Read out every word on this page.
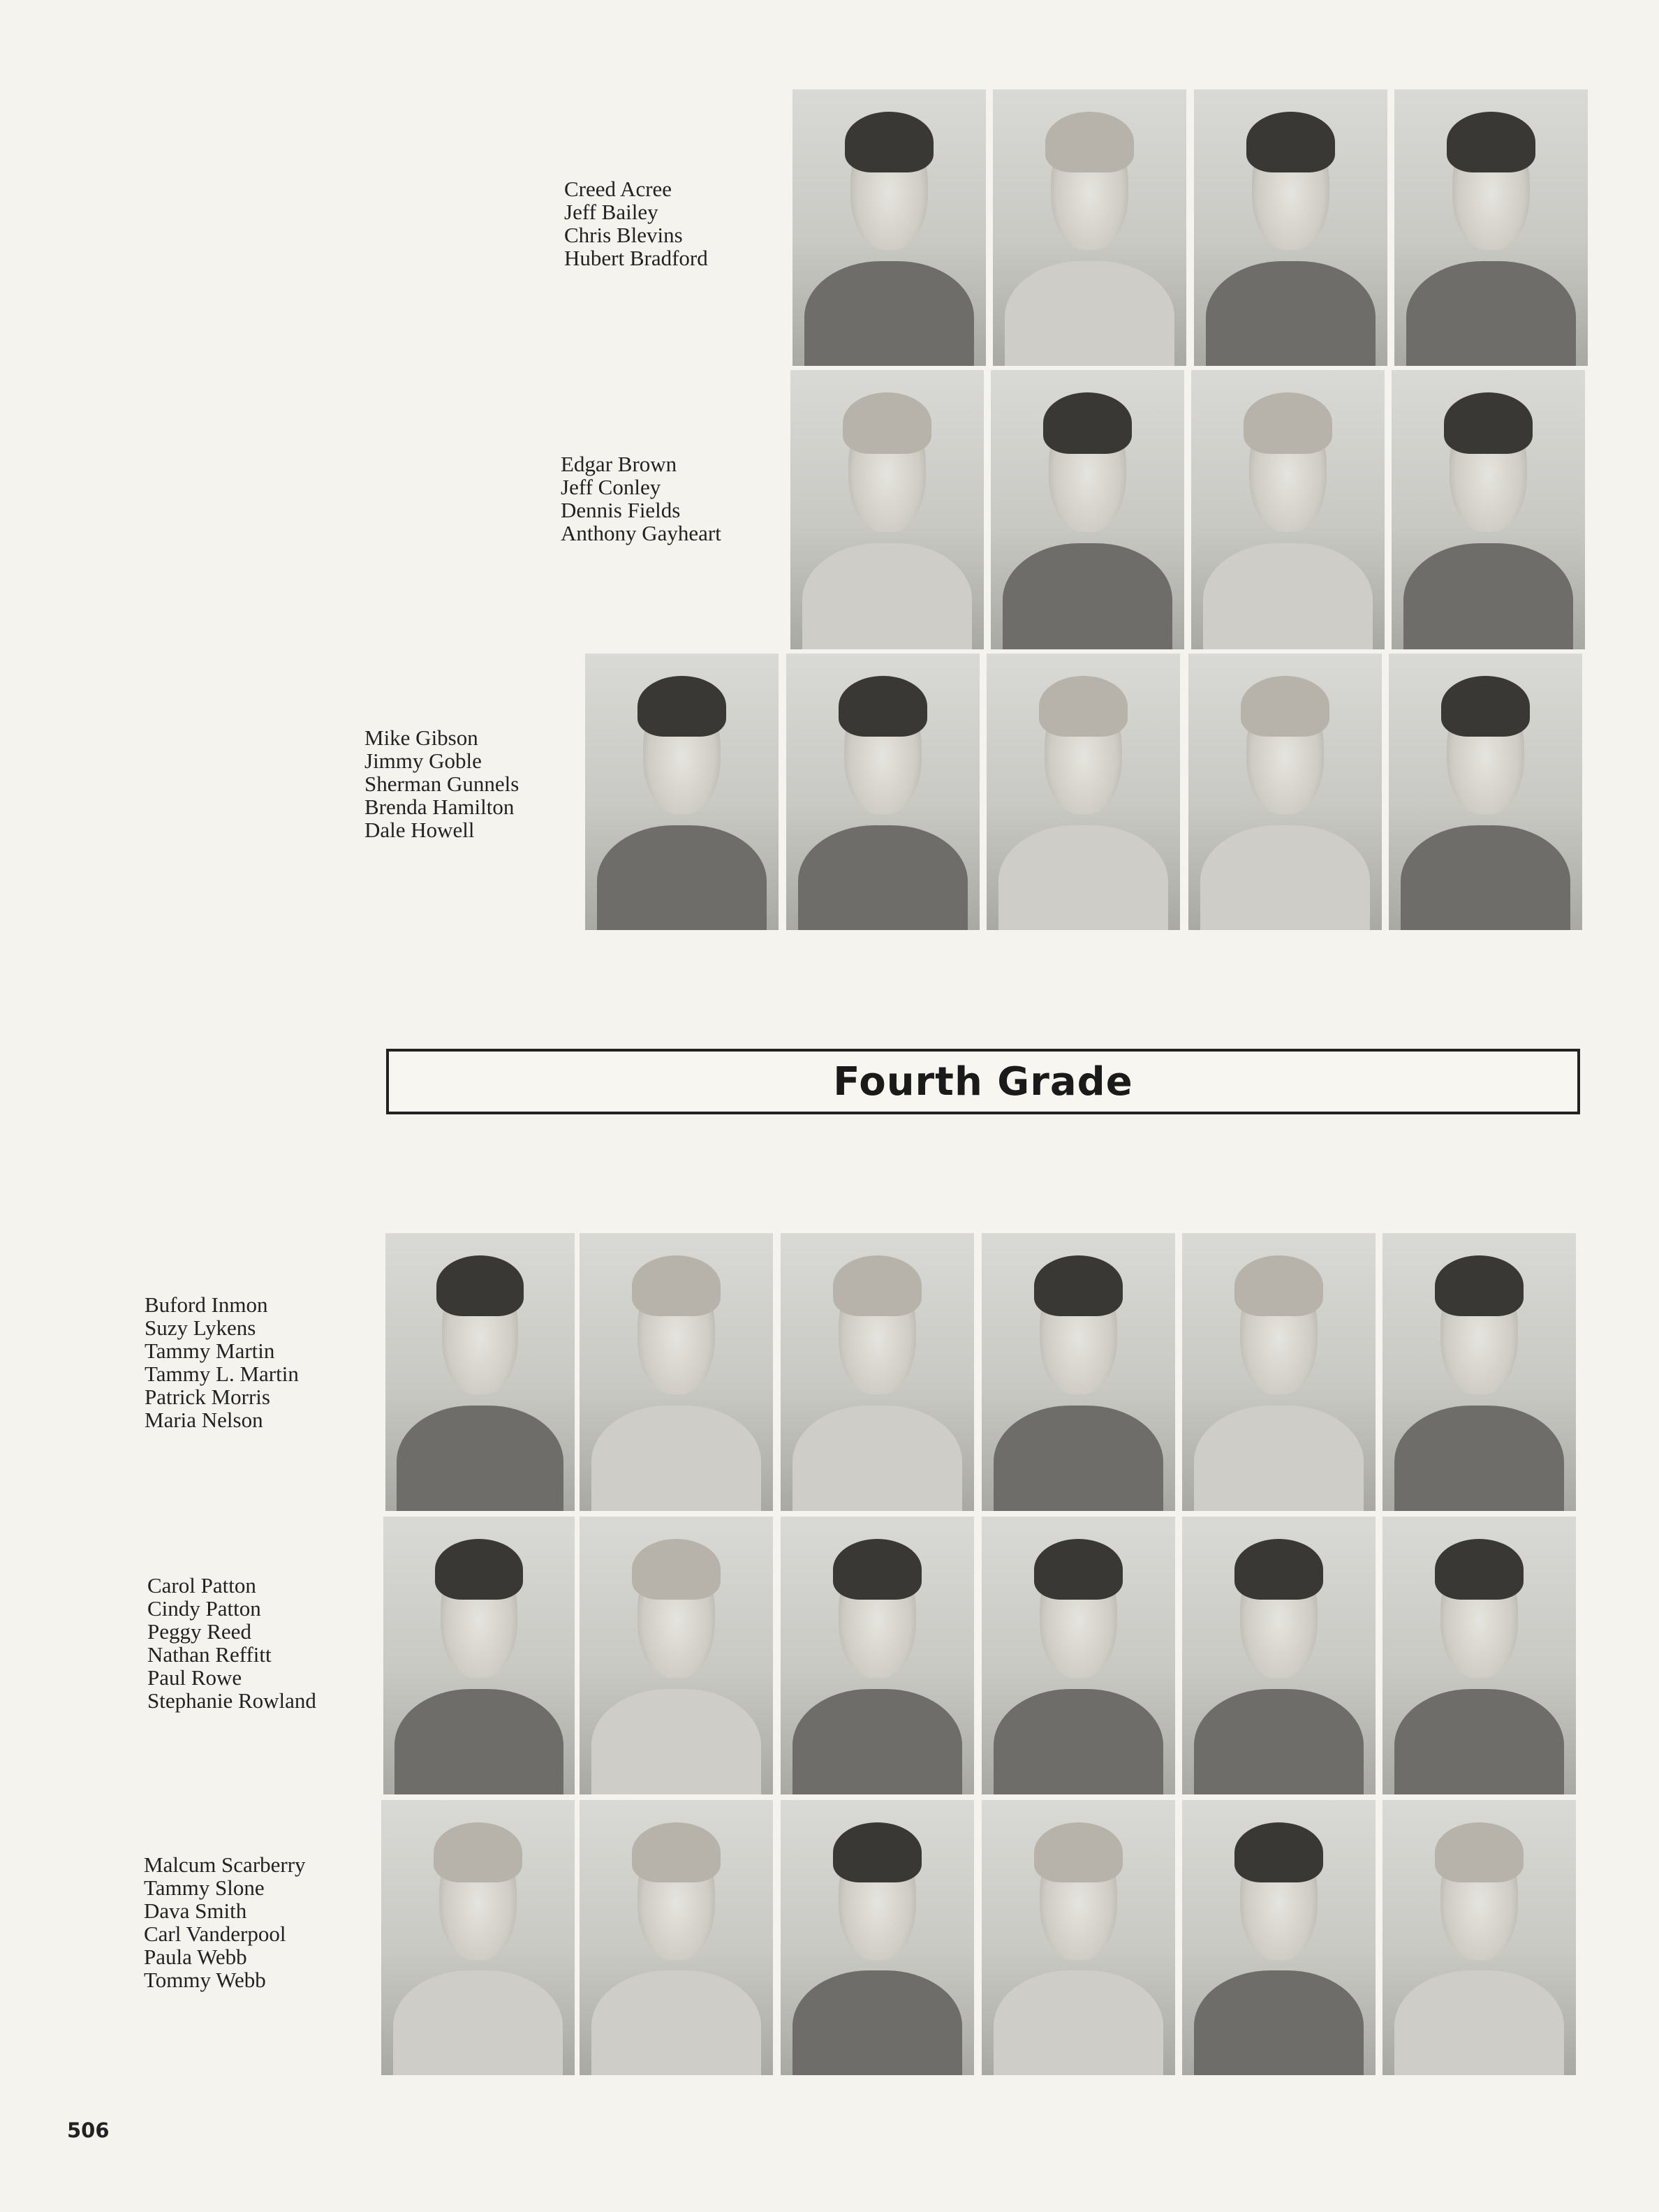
Creed Acree
Jeff Bailey
Chris Blevins
Hubert Bradford
Edgar Brown
Jeff Conley
Dennis Fields
Anthony Gayheart
Mike Gibson
Jimmy Goble
Sherman Gunnels
Brenda Hamilton
Dale Howell
Fourth Grade
Buford Inmon
Suzy Lykens
Tammy Martin
Tammy L. Martin
Patrick Morris
Maria Nelson
Carol Patton
Cindy Patton
Peggy Reed
Nathan Reffitt
Paul Rowe
Stephanie Rowland
Malcum Scarberry
Tammy Slone
Dava Smith
Carl Vanderpool
Paula Webb
Tommy Webb
506
